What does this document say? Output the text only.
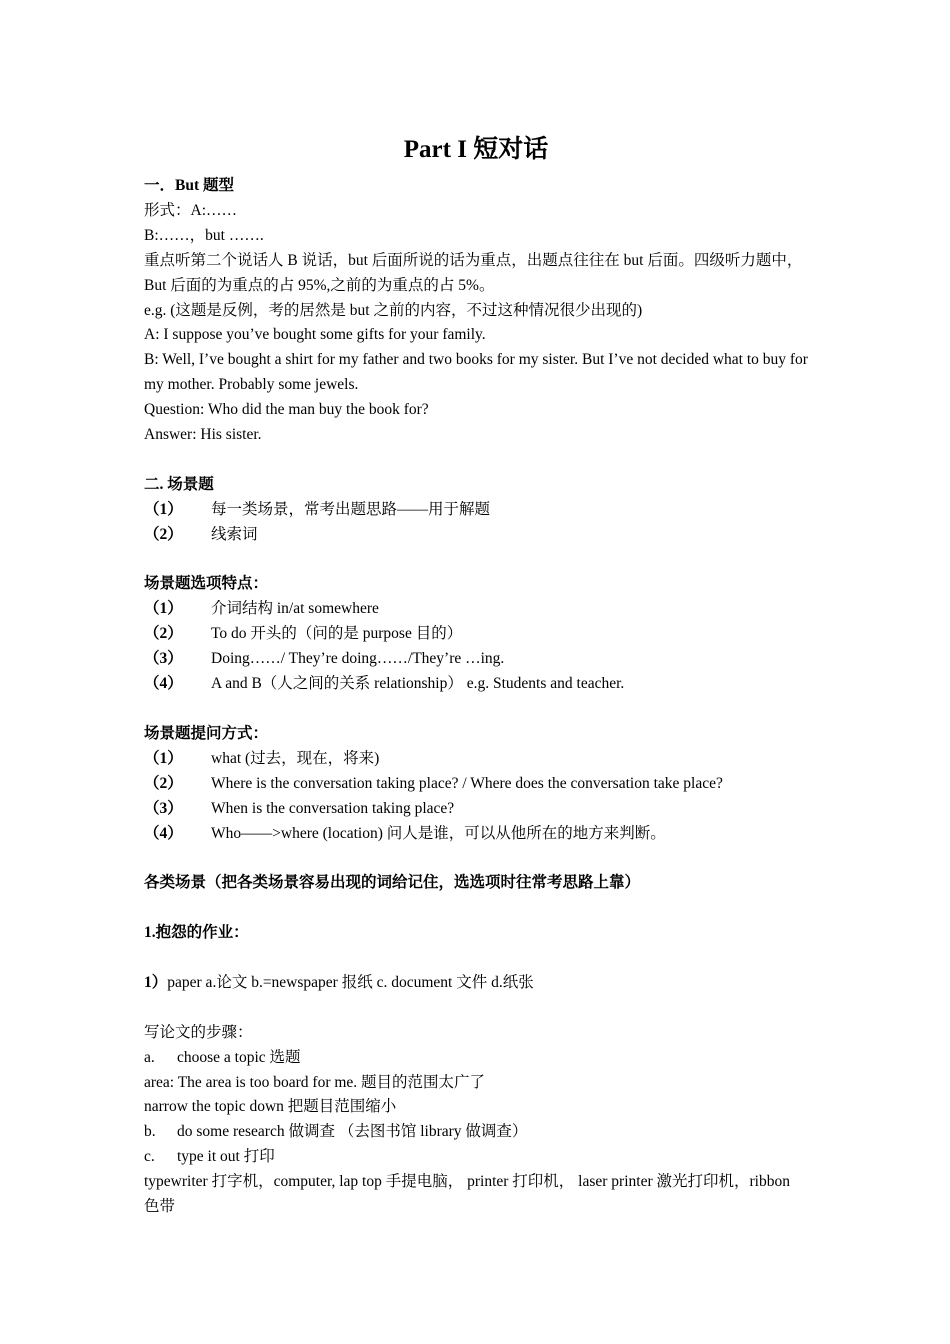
Part I 短对话
一．But 题型
形式：A:……
B:……，but …….
重点听第二个说话人 B 说话，but 后面所说的话为重点，出题点往往在 but 后面。四级听力题中，But 后面的为重点的占 95%,之前的为重点的占 5%。
e.g. (这题是反例，考的居然是 but 之前的内容，不过这种情况很少出现的)
A: I suppose you’ve bought some gifts for your family.
B: Well, I’ve bought a shirt for my father and two books for my sister. But I’ve not decided what to buy for my mother. Probably some jewels.
Question: Who did the man buy the book for?
Answer: His sister.
二. 场景题
（1） 每一类场景，常考出题思路——用于解题
（2） 线索词
场景题选项特点：
（1） 介词结构 in/at somewhere
（2） To do 开头的（问的是 purpose 目的）
（3） Doing……/ They’re doing……/They’re …ing.
（4） A and B（人之间的关系 relationship） e.g. Students and teacher.
场景题提问方式：
（1） what (过去，现在，将来)
（2） Where is the conversation taking place? / Where does the conversation take place?
（3） When is the conversation taking place?
（4） Who——>where (location) 问人是谁，可以从他所在的地方来判断。
各类场景（把各类场景容易出现的词给记住，选选项时往常考思路上靠）
1.抱怨的作业：
1）paper a.论文 b.=newspaper 报纸 c. document 文件 d.纸张
写论文的步骤：
a. choose a topic 选题
area: The area is too board for me. 题目的范围太广了
narrow the topic down 把题目范围缩小
b. do some research 做调查 （去图书馆 library 做调查）
c. type it out 打印
typewriter 打字机，computer, lap top 手提电脑， printer 打印机， laser printer 激光打印机，ribbon 色带
